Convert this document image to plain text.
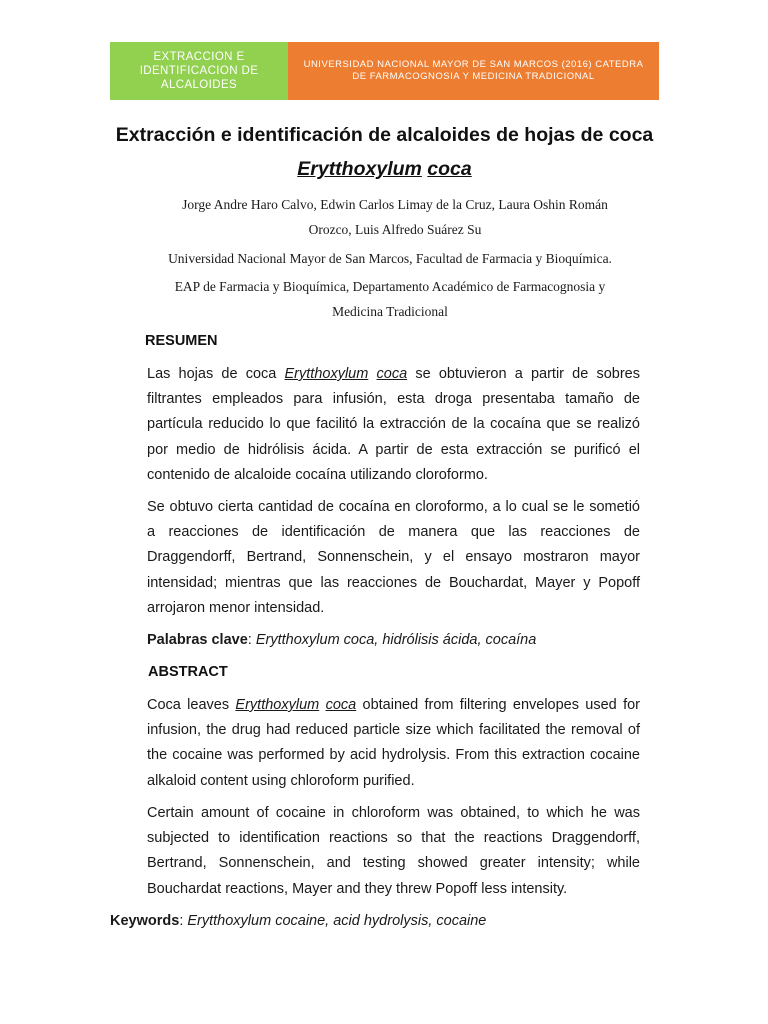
EXTRACCION E IDENTIFICACION DE ALCALOIDES
UNIVERSIDAD NACIONAL MAYOR DE SAN MARCOS (2016) CATEDRA DE FARMACOGNOSIA Y MEDICINA TRADICIONAL
Extracción e identificación de alcaloides de hojas de coca Erytthoxylum coca
Jorge Andre Haro Calvo, Edwin Carlos Limay de la Cruz, Laura Oshin Román Orozco, Luis Alfredo Suárez Su
Universidad Nacional Mayor de San Marcos, Facultad de Farmacia y Bioquímica.
EAP de Farmacia y Bioquímica, Departamento Académico de Farmacognosia y Medicina Tradicional
RESUMEN

Las hojas de coca Erytthoxylum coca se obtuvieron a partir de sobres filtrantes empleados para infusión, esta droga presentaba tamaño de partícula reducido lo que facilitó la extracción de la cocaína que se realizó por medio de hidrólisis ácida. A partir de esta extracción se purificó el contenido de alcaloide cocaína utilizando cloroformo.

Se obtuvo cierta cantidad de cocaína en cloroformo, a lo cual se le sometió a reacciones de identificación de manera que las reacciones de Draggendorff, Bertrand, Sonnenschein, y el ensayo mostraron mayor intensidad; mientras que las reacciones de Bouchardat, Mayer y Popoff arrojaron menor intensidad.

Palabras clave: Erytthoxylum coca, hidrólisis ácida, cocaína
ABSTRACT

Coca leaves Erytthoxylum coca obtained from filtering envelopes used for infusion, the drug had reduced particle size which facilitated the removal of the cocaine was performed by acid hydrolysis. From this extraction cocaine alkaloid content using chloroform purified.

Certain amount of cocaine in chloroform was obtained, to which he was subjected to identification reactions so that the reactions Draggendorff, Bertrand, Sonnenschein, and testing showed greater intensity; while Bouchardat reactions, Mayer and they threw Popoff less intensity.

Keywords: Erytthoxylum cocaine, acid hydrolysis, cocaine
